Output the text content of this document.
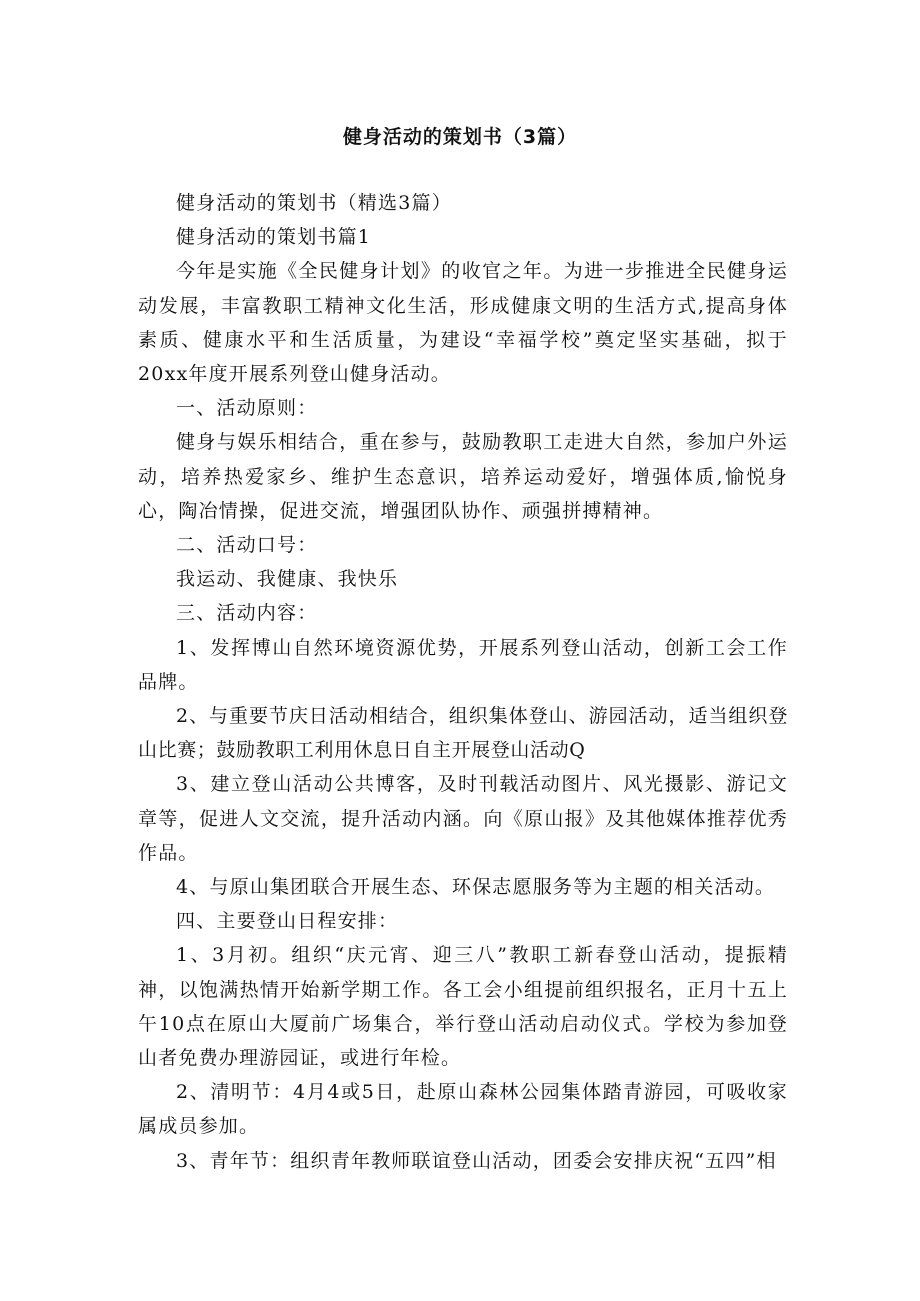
健身活动的策划书（3篇）

健身活动的策划书（精选3篇）

健身活动的策划书篇1

今年是实施《全民健身计划》的收官之年。为进一步推进全民健身运动发展，丰富教职工精神文化生活，形成健康文明的生活方式,提高身体素质、健康水平和生活质量，为建设“幸福学校”奠定坚实基础，拟于20xx年度开展系列登山健身活动。

一、活动原则：

健身与娱乐相结合，重在参与，鼓励教职工走进大自然，参加户外运动，培养热爱家乡、维护生态意识，培养运动爱好，增强体质,愉悦身心，陶冶情操，促进交流，增强团队协作、顽强拼搏精神。

二、活动口号：

我运动、我健康、我快乐

三、活动内容：

1、发挥博山自然环境资源优势，开展系列登山活动，创新工会工作品牌。

2、与重要节庆日活动相结合，组织集体登山、游园活动，适当组织登山比赛；鼓励教职工利用休息日自主开展登山活动Q

3、建立登山活动公共博客，及时刊载活动图片、风光摄影、游记文章等，促进人文交流，提升活动内涵。向《原山报》及其他媒体推荐优秀作品。

4、与原山集团联合开展生态、环保志愿服务等为主题的相关活动。

四、主要登山日程安排：

1、3月初。组织“庆元宵、迎三八”教职工新春登山活动，提振精神，以饱满热情开始新学期工作。各工会小组提前组织报名，正月十五上午10点在原山大厦前广场集合，举行登山活动启动仪式。学校为参加登山者免费办理游园证，或进行年检。

2、清明节：4月4或5日，赴原山森林公园集体踏青游园，可吸收家属成员参加。

3、青年节：组织青年教师联谊登山活动，团委会安排庆祝“五四”相
